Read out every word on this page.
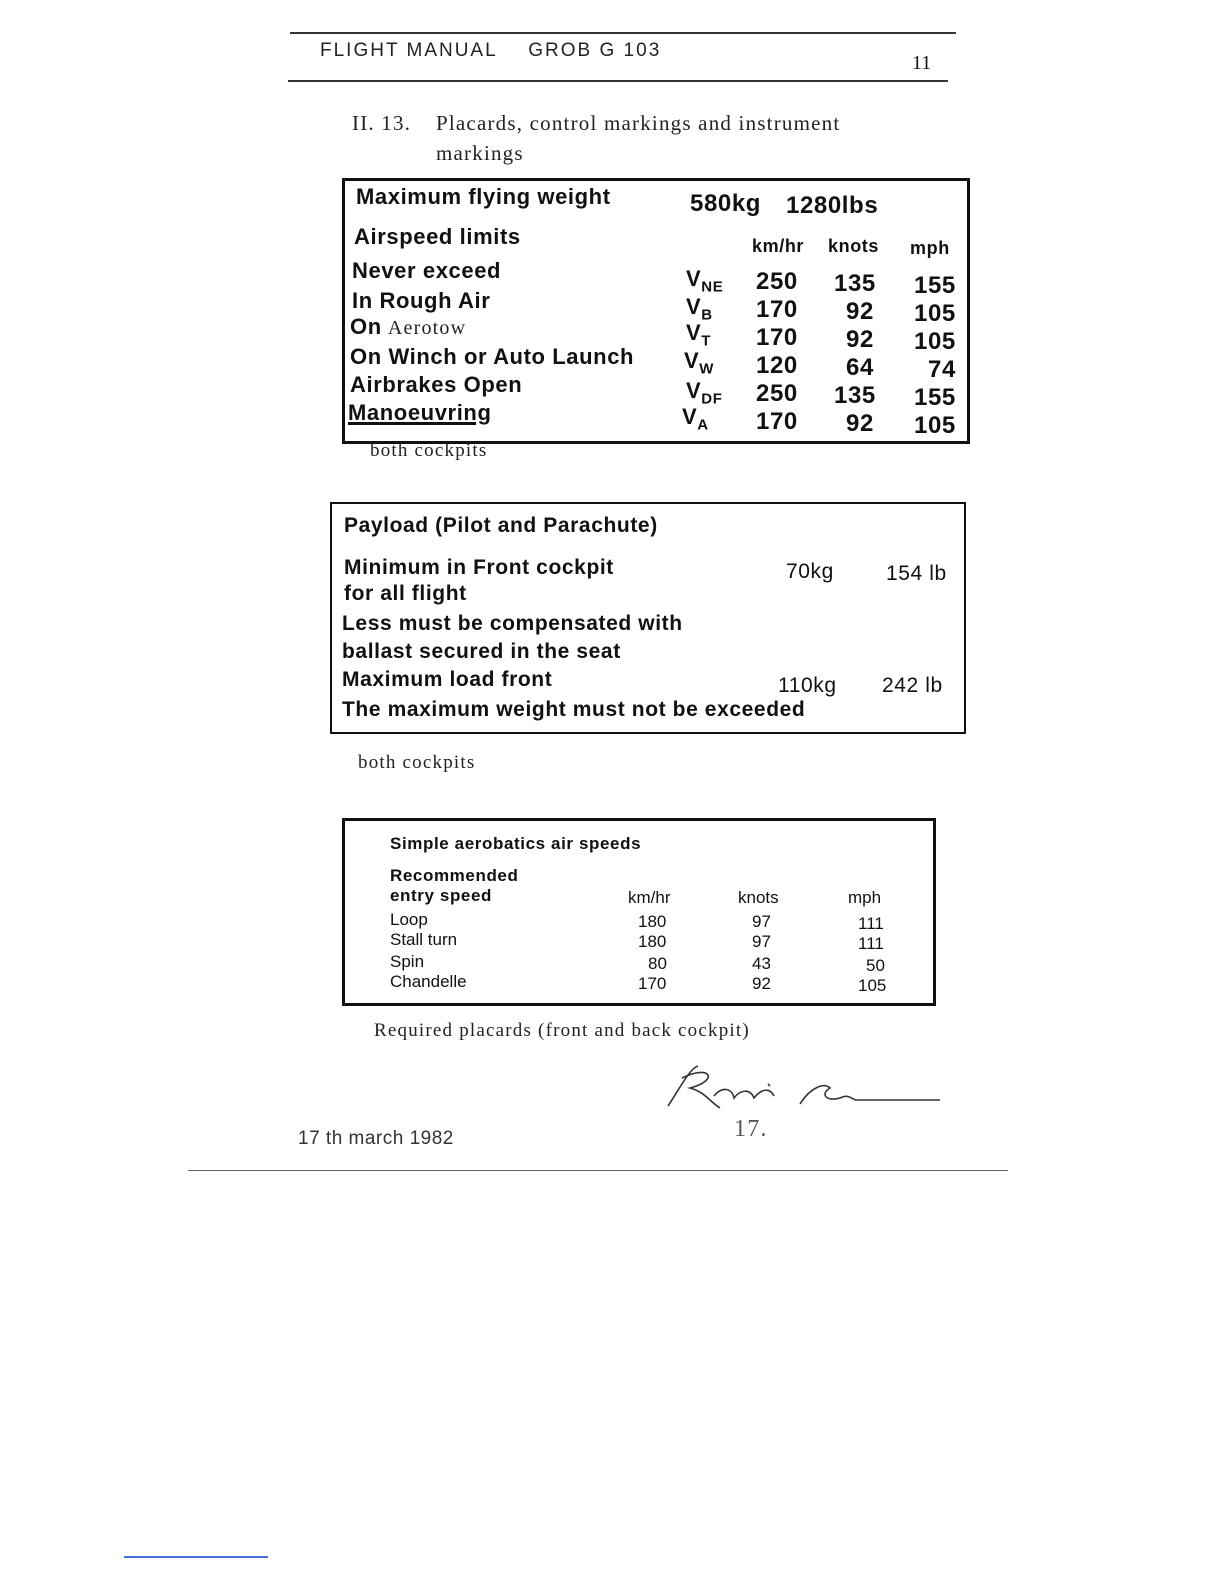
FLIGHT MANUAL GROB G 103
11
II. 13. Placards, control markings and instrument
markings
Maximum flying weight	580kg 1280lbs
Airspeed limits	km/hr knots mph
Never exceed	$V_{NE}$ 250 135 155
In Rough Air	$V_B$ 170 92 105
On Aerotow	$V_T$ 170 92 105
On Winch or Auto Launch $V_W$ 120 64 74
Airbrakes Open	$V_{DF}$ 250 135 155
Manoeuvring	$V_A$ 170 92 105
both cockpits
Payload (Pilot and Parachute)
Minimum in Front cockpit	70kg 154 lb
for all flight
Less must be compensated with
ballast secured in the seat
Maximum load front	110kg 242 lb
The maximum weight must not be exceeded
both cockpits
Simple aerobatics air speeds
Recommended
entry speed	km/hr	knots	mph
Loop	180	97	111
Stall turn	180	97	111
Spin	80	43	50
Chandelle	170	92	105
Required placards (front and back cockpit)
17.
17 th march 1982
